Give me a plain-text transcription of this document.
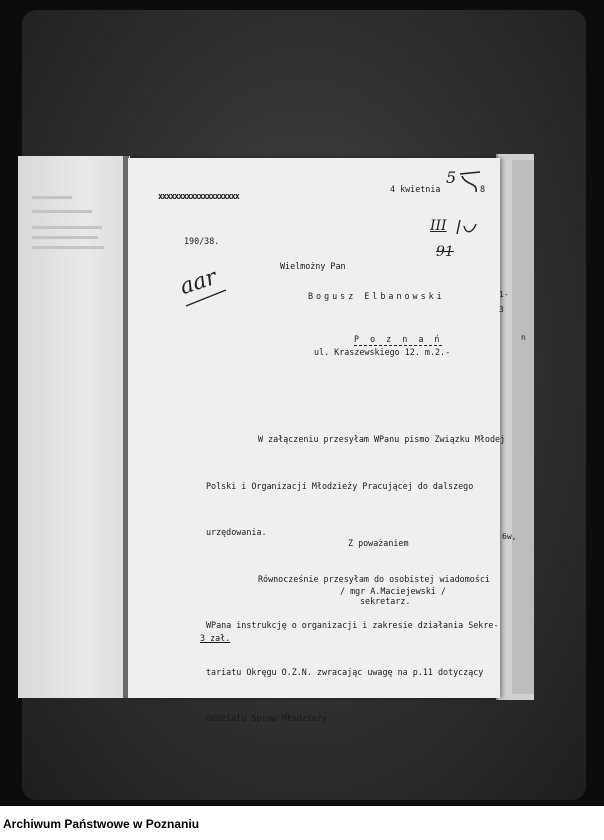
xxxxxxxxxxxxxxxxxxxx
4 kwietnia
5
8
III
91
190/38.
Wielmożny Pan
aar	Bogusz Elbanowski
P o z n a ń
ul. Kraszewskiego 12. m.2.-

W załączeniu przesyłam WPanu pismo Związku Młodej

Polski i Organizacji Młodzieży Pracującej do dalszego

urzędowania.

Równocześnie przesyłam do osobistej wiadomości

WPana instrukcję o organizacji i zakresie działania Sekre-

tariatu Okręgu O.Z.N. zwracając uwagę na p.11 dotyczący

Oddziału Spraw Młodzieży.

Z poważaniem
/ mgr A.Maciejewski /
sekretarz.
3 zał.
1-
3
n
6w,
Archiwum Państwowe w Poznaniu
